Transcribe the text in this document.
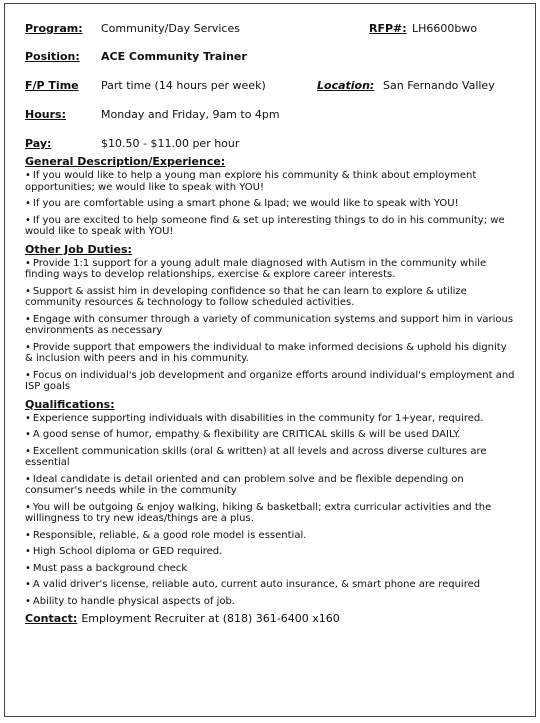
Program: Community/Day Services	RFP#: LH6600bwo
Position: ACE Community Trainer
F/P Time Part time (14 hours per week)	Location: San Fernando Valley
Hours:	Monday and Friday, 9am to 4pm
Pay:	$10.50 - $11.00 per hour
General Description/Experience:
• If you would like to help a young man explore his community & think about employment opportunities; we would like to speak with YOU!
• If you are comfortable using a smart phone & Ipad; we would like to speak with YOU!
• If you are excited to help someone find & set up interesting things to do in his community; we would like to speak with YOU!
Other Job Duties:
• Provide 1:1 support for a young adult male diagnosed with Autism in the community while finding ways to develop relationships, exercise & explore career interests.
• Support & assist him in developing confidence so that he can learn to explore & utilize community resources & technology to follow scheduled activities.
• Engage with consumer through a variety of communication systems and support him in various environments as necessary
• Provide support that empowers the individual to make informed decisions & uphold his dignity & inclusion with peers and in his community.
• Focus on individual's job development and organize efforts around individual's employment and ISP goals
Qualifications:
• Experience supporting individuals with disabilities in the community for 1+year, required.
• A good sense of humor, empathy & flexibility are CRITICAL skills & will be used DAILY.
• Excellent communication skills (oral & written) at all levels and across diverse cultures are essential
• Ideal candidate is detail oriented and can problem solve and be flexible depending on consumer's needs while in the community
• You will be outgoing & enjoy walking, hiking & basketball; extra curricular activities and the willingness to try new ideas/things are a plus.
• Responsible, reliable, & a good role model is essential.
• High School diploma or GED required.
• Must pass a background check
• A valid driver's license, reliable auto, current auto insurance, & smart phone are required
• Ability to handle physical aspects of job.
Contact: Employment Recruiter at (818) 361-6400 x160
